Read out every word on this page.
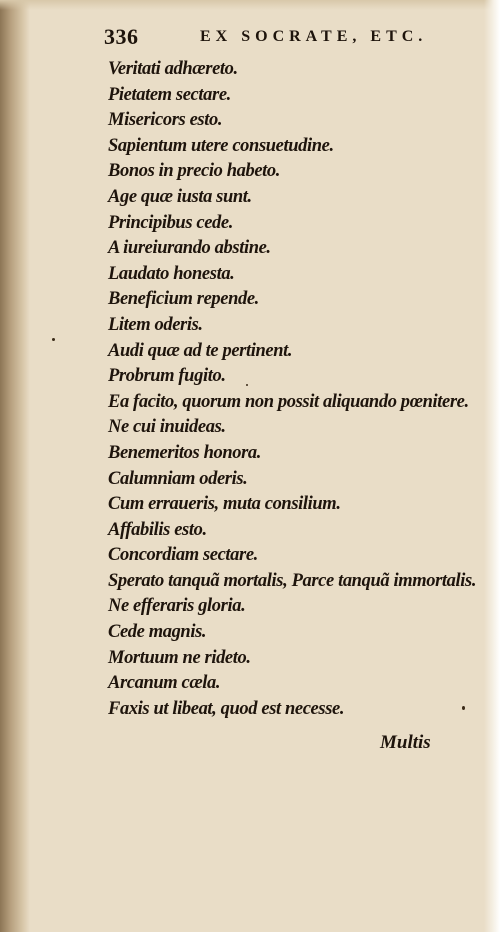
336	EX SOCRATE, ETC.
Veritati adhæreto.
Pietatem sectare.
Misericors esto.
Sapientum utere consuetudine.
Bonos in precio habeto.
Age quæ iusta sunt.
Principibus cede.
A iureiurando abstine.
Laudato honesta.
Beneficium repende.
Litem oderis.
Audi quæ ad te pertinent.
Probrum fugito.
Ea facito, quorum non possit aliquando pœnitere.
Ne cui inuideas.
Benemeritos honora.
Calumniam oderis.
Cum erraueris, muta consilium.
Affabilis esto.
Concordiam sectare.
Sperato tanquã mortalis, Parce tanquã immortalis.
Ne efferaris gloria.
Cede magnis.
Mortuum ne rideto.
Arcanum cæla.
Faxis ut libeat, quod est necesse.
Multis
